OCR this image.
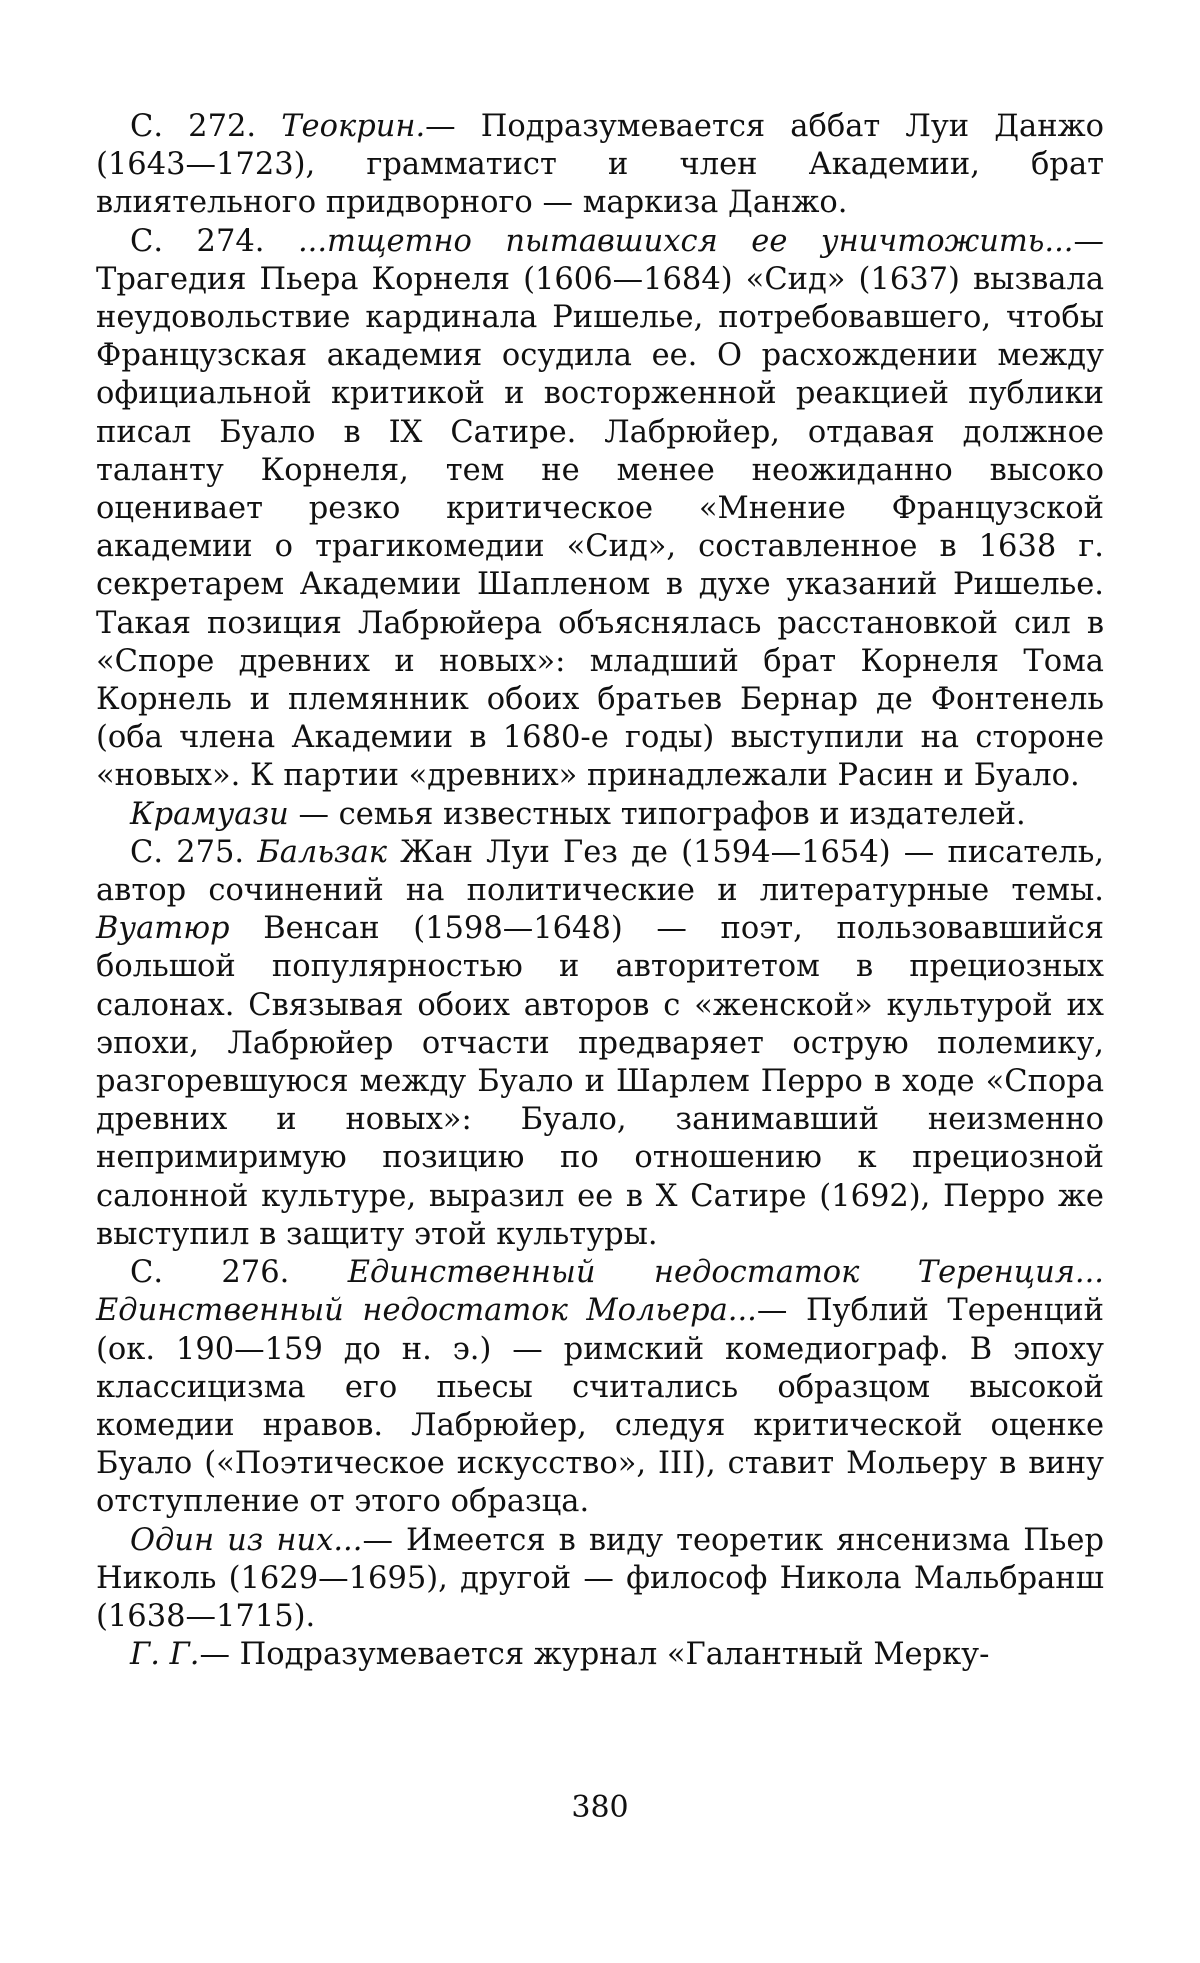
С. 272. Теокрин.— Подразумевается аббат Луи Данжо (1643—1723), грамматист и член Академии, брат влиятельного придворного — маркиза Данжо.

С. 274. ...тщетно пытавшихся ее уничтожить...— Трагедия Пьера Корнеля (1606—1684) «Сид» (1637) вызвала неудовольствие кардинала Ришелье, потребовавшего, чтобы Французская академия осудила ее. О расхождении между официальной критикой и восторженной реакцией публики писал Буало в IX Сатире. Лабрюйер, отдавая должное таланту Корнеля, тем не менее неожиданно высоко оценивает резко критическое «Мнение Французской академии о трагикомедии «Сид», составленное в 1638 г. секретарем Академии Шапленом в духе указаний Ришелье. Такая позиция Лабрюйера объяснялась расстановкой сил в «Споре древних и новых»: младший брат Корнеля Тома Корнель и племянник обоих братьев Бернар де Фонтенель (оба члена Академии в 1680-е годы) выступили на стороне «новых». К партии «древних» принадлежали Расин и Буало.

Крамуази — семья известных типографов и издателей.

С. 275. Бальзак Жан Луи Гез де (1594—1654) — писатель, автор сочинений на политические и литературные темы. Вуатюр Венсан (1598—1648) — поэт, пользовавшийся большой популярностью и авторитетом в прециозных салонах. Связывая обоих авторов с «женской» культурой их эпохи, Лабрюйер отчасти предваряет острую полемику, разгоревшуюся между Буало и Шарлем Перро в ходе «Спора древних и новых»: Буало, занимавший неизменно непримиримую позицию по отношению к прециозной салонной культуре, выразил ее в X Сатире (1692), Перро же выступил в защиту этой культуры.

С. 276. Единственный недостаток Теренция... Единственный недостаток Мольера...— Публий Теренций (ок. 190—159 до н. э.) — римский комедиограф. В эпоху классицизма его пьесы считались образцом высокой комедии нравов. Лабрюйер, следуя критической оценке Буало («Поэтическое искусство», III), ставит Мольеру в вину отступление от этого образца.

Один из них...— Имеется в виду теоретик янсенизма Пьер Николь (1629—1695), другой — философ Никола Мальбранш (1638—1715).

Г. Г.— Подразумевается журнал «Галантный Мерку-

380
